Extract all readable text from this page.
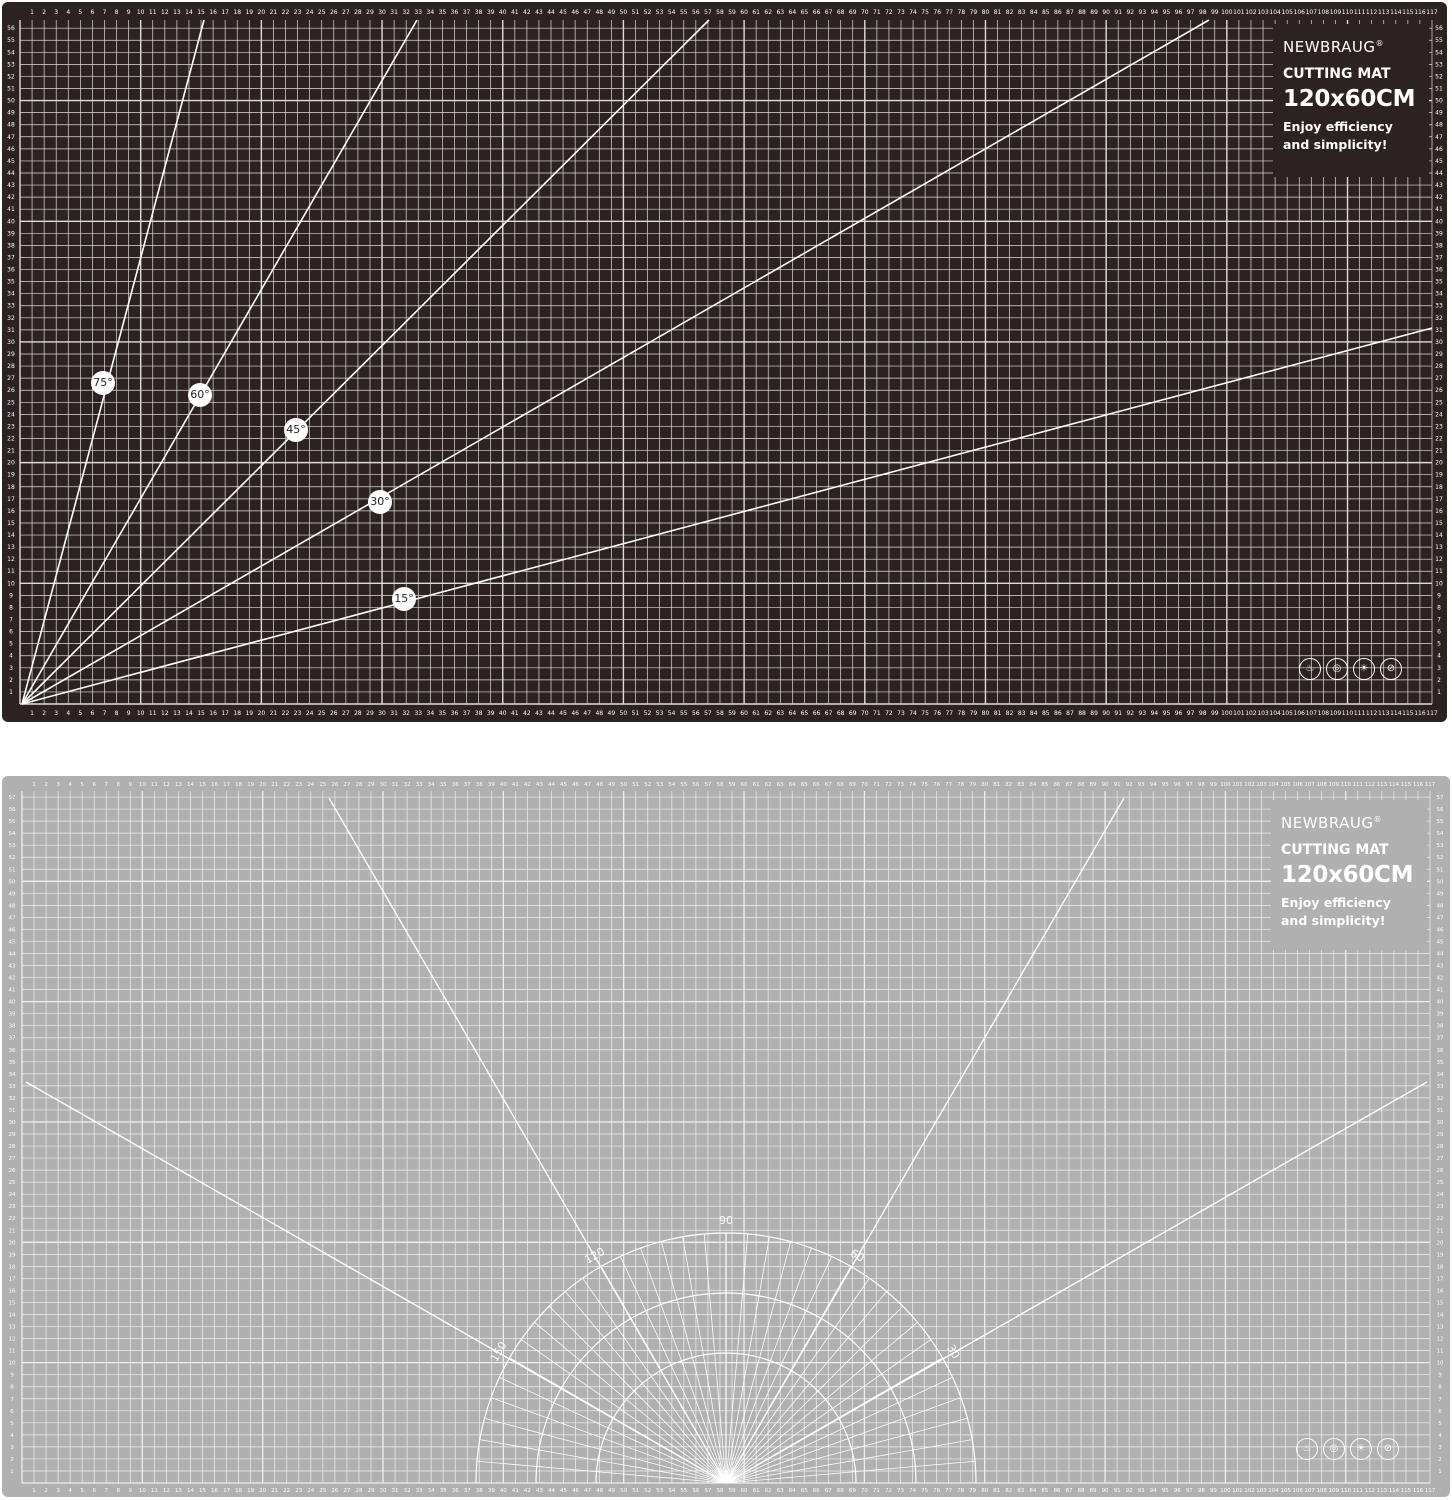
1
1
2
2
3
3
4
4
5
5
6
6
7
7
8
8
9
9
10
10
11
11
12
12
13
13
14
14
15
15
16
16
17
17
18
18
19
19
20
20
21
21
22
22
23
23
24
24
25
25
26
26
27
27
28
28
29
29
30
30
31
31
32
32
33
33
34
34
35
35
36
36
37
37
38
38
39
39
40
40
41
41
42
42
43
43
44
44
45
45
46
46
47
47
48
48
49
49
50
50
51
51
52
52
53
53
54
54
55
55
56
56
57
57
58
58
59
59
60
60
61
61
62
62
63
63
64
64
65
65
66
66
67
67
68
68
69
69
70
70
71
71
72
72
73
73
74
74
75
75
76
76
77
77
78
78
79
79
80
80
81
81
82
82
83
83
84
84
85
85
86
86
87
87
88
88
89
89
90
90
91
91
92
92
93
93
94
94
95
95
96
96
97
97
98
98
99
99
100
100
101
101
102
102
103
103
104
104
105
105
106
106
107
107
108
108
109
109
110
110
111
111
112
112
113
113
114
114
115
115
116
116
117
117
1	1
2	2
3	3
4	4
5	5
6	6
7	7
8	8
9	9
10	10
11	11
12	12
13	13
14	14
15	15
16	16
17	17
18	18
19	19
20	20
21	21
22	22
23	23
24	24
25	25
26	26
27	27
28	28
29	29
30	30
31	31
32	32
33	33
34	34
35	35
36	36
37	37
38	38
39	39
40	40
41	41
42	42
43	43
44	44
45	45
46	46
47	47
48	48
49	49
50	50
51	51
52	52
53	53
54	54
55	55
56	56
NEWBRAUG®
CUTTING MAT
120x60CM
Enjoy efficiency and simplicity!
♨	◎	☀	⊘
75°
60°
45°
30°
15°
1
1
2
2
3
3
4
4
5
5
6
6
7
7
8
8
9
9
10
10
11
11
12
12
13
13
14
14
15
15
16
16
17
17
18
18
19
19
20
20
21
21
22
22
23
23
24
24
25
25
26
26
27
27
28
28
29
29
30
30
31
31
32
32
33
33
34
34
35
35
36
36
37
37
38
38
39
39
40
40
41
41
42
42
43
43
44
44
45
45
46
46
47
47
48
48
49
49
50
50
51
51
52
52
53
53
54
54
55
55
56
56
57
57
58
58
59
59
60
60
61
61
62
62
63
63
64
64
65
65
66
66
67
67
68
68
69
69
70
70
71
71
72
72
73
73
74
74
75
75
76
76
77
77
78
78
79
79
80
80
81
81
82
82
83
83
84
84
85
85
86
86
87
87
88
88
89
89
90
90
91
91
92
92
93
93
94
94
95
95
96
96
97
97
98
98
99
99
100
100
101
101
102
102
103
103
104
104
105
105
106
106
107
107
108
108
109
109
110
110
111
111
112
112
113
113
114
114
115
115
116
116
117
117
1	1
2	2
3	3
4	4
5	5
6	6
7	7
8	8
9	9
10	10
11	11
12	12
13	13
14	14
15	15
16	16
17	17
18	18
19	19
20	20
21	21
22	22
23	23
24	24
25	25
26	26
27	27
28	28
29	29
30	30
31	31
32	32
33	33
34	34
35	35
36	36
37	37
38	38
39	39
40	40
41	41
42	42
43	43
44	44
45	45
46	46
47	47
48	48
49	49
50	50
51	51
52	52
53	53
54	54
55	55
56	56
57	57
150
120
90
60
30
NEWBRAUG®
CUTTING MAT
120x60CM
Enjoy efficiency and simplicity!
♨	◎	☀	⊘
